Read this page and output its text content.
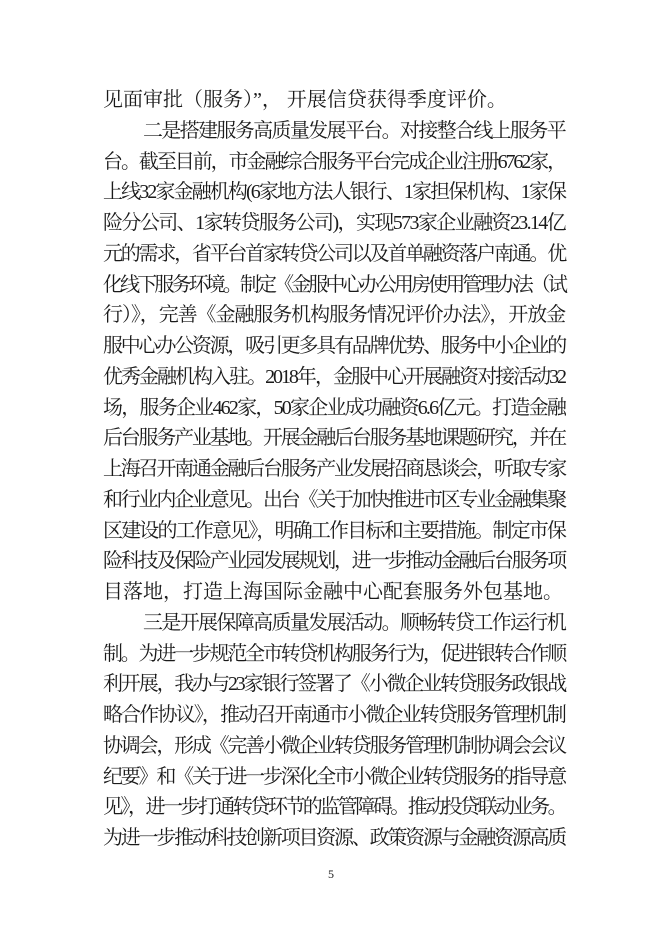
见面审批（服务）”， 开展信贷获得季度评价。
二是搭建服务高质量发展平台。对接整合线上服务平
台。截至目前，市金融综合服务平台完成企业注册6762家，
上线32家金融机构(6家地方法人银行、1家担保机构、1家保
险分公司、1家转贷服务公司)，实现573家企业融资23.14亿
元的需求，省平台首家转贷公司以及首单融资落户南通。优
化线下服务环境。制定《金服中心办公用房使用管理办法（试
行）》，完善《金融服务机构服务情况评价办法》，开放金
服中心办公资源，吸引更多具有品牌优势、服务中小企业的
优秀金融机构入驻。2018年，金服中心开展融资对接活动32
场，服务企业462家，50家企业成功融资6.6亿元。打造金融
后台服务产业基地。开展金融后台服务基地课题研究，并在
上海召开南通金融后台服务产业发展招商恳谈会，听取专家
和行业内企业意见。出台《关于加快推进市区专业金融集聚
区建设的工作意见》，明确工作目标和主要措施。制定市保
险科技及保险产业园发展规划，进一步推动金融后台服务项
目落地，打造上海国际金融中心配套服务外包基地。
三是开展保障高质量发展活动。顺畅转贷工作运行机
制。为进一步规范全市转贷机构服务行为，促进银转合作顺
利开展，我办与23家银行签署了《小微企业转贷服务政银战
略合作协议》，推动召开南通市小微企业转贷服务管理机制
协调会，形成《完善小微企业转贷服务管理机制协调会会议
纪要》和《关于进一步深化全市小微企业转贷服务的指导意
见》，进一步打通转贷环节的监管障碍。推动投贷联动业务。
为进一步推动科技创新项目资源、政策资源与金融资源高质
5
